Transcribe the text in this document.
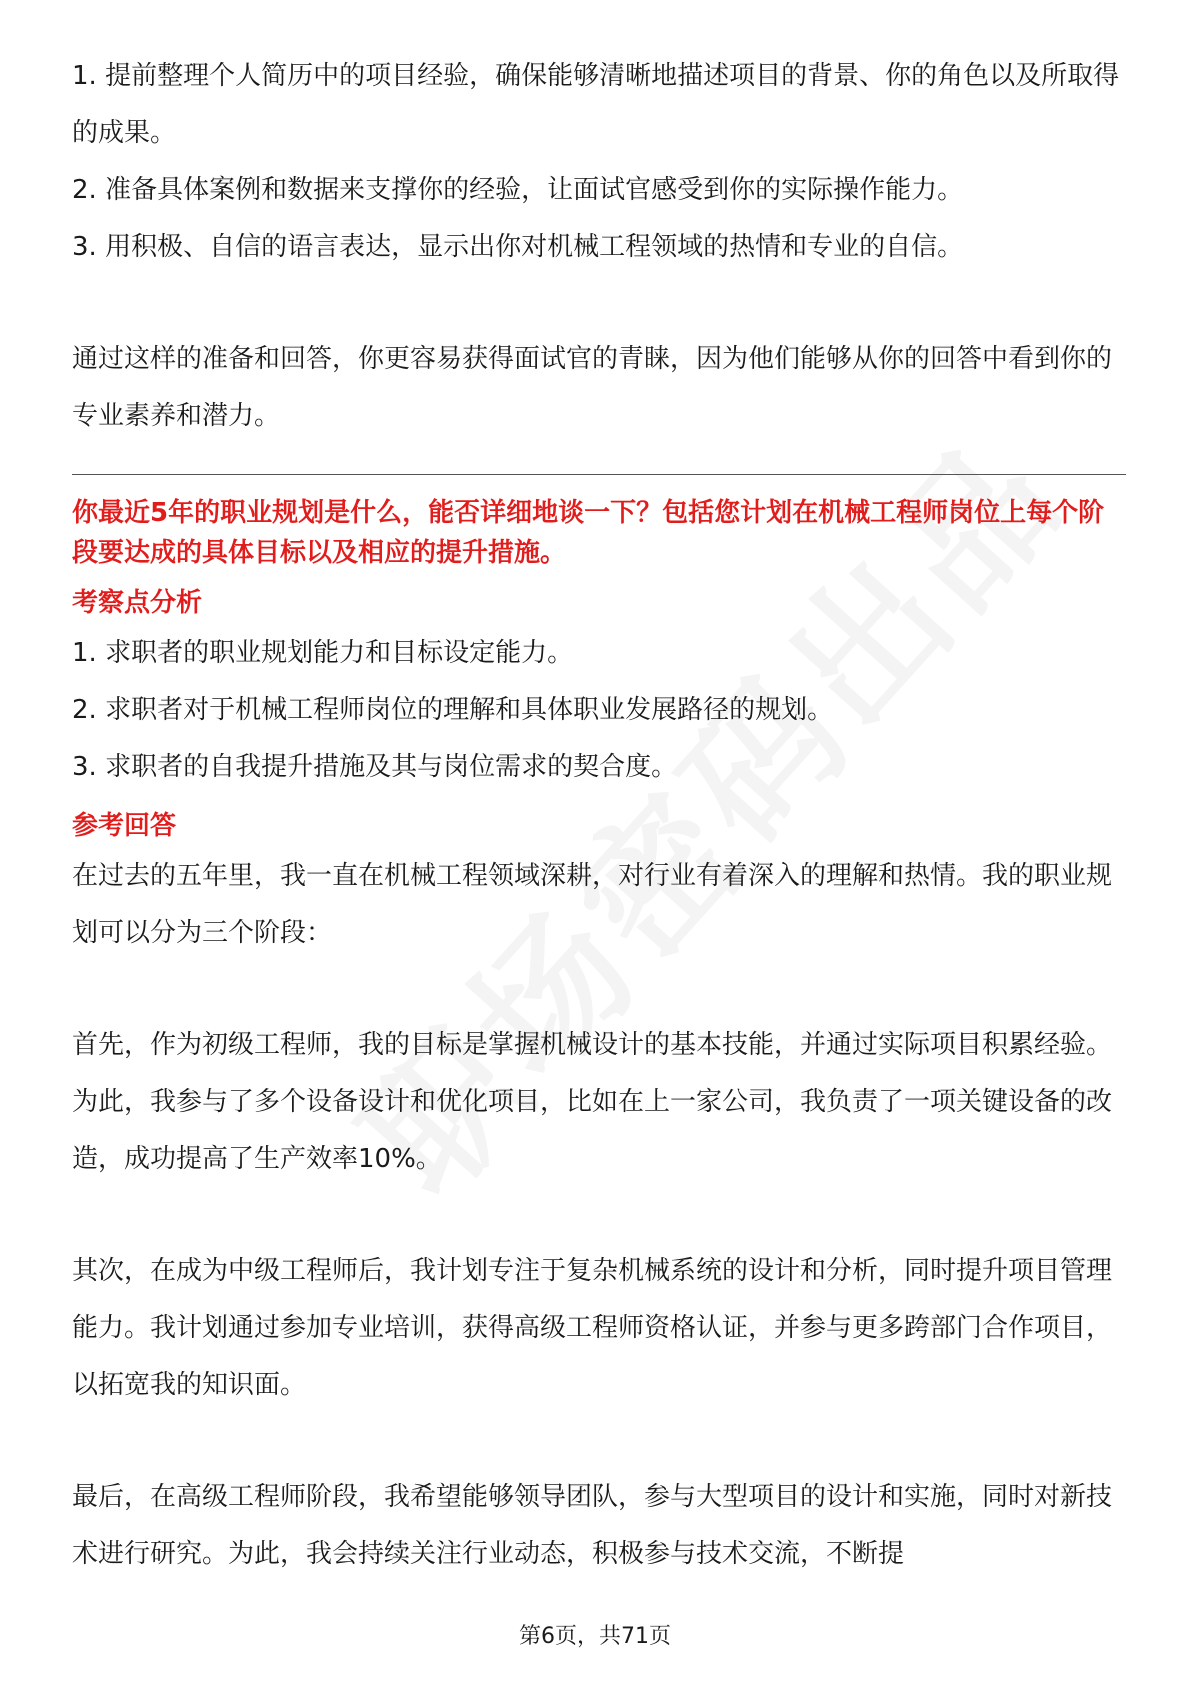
1. 提前整理个人简历中的项目经验，确保能够清晰地描述项目的背景、你的角色以及所取得的成果。

2. 准备具体案例和数据来支撑你的经验，让面试官感受到你的实际操作能力。

3. 用积极、自信的语言表达，显示出你对机械工程领域的热情和专业的自信。

通过这样的准备和回答，你更容易获得面试官的青睐，因为他们能够从你的回答中看到你的专业素养和潜力。

你最近5年的职业规划是什么，能否详细地谈一下？包括您计划在机械工程师岗位上每个阶段要达成的具体目标以及相应的提升措施。

考察点分析

1. 求职者的职业规划能力和目标设定能力。

2. 求职者对于机械工程师岗位的理解和具体职业发展路径的规划。

3. 求职者的自我提升措施及其与岗位需求的契合度。

参考回答

在过去的五年里，我一直在机械工程领域深耕，对行业有着深入的理解和热情。我的职业规划可以分为三个阶段：

首先，作为初级工程师，我的目标是掌握机械设计的基本技能，并通过实际项目积累经验。为此，我参与了多个设备设计和优化项目，比如在上一家公司，我负责了一项关键设备的改造，成功提高了生产效率10%。

其次，在成为中级工程师后，我计划专注于复杂机械系统的设计和分析，同时提升项目管理能力。我计划通过参加专业培训，获得高级工程师资格认证，并参与更多跨部门合作项目，以拓宽我的知识面。

最后，在高级工程师阶段，我希望能够领导团队，参与大型项目的设计和实施，同时对新技术进行研究。为此，我会持续关注行业动态，积极参与技术交流，不断提

第6页，共71页
